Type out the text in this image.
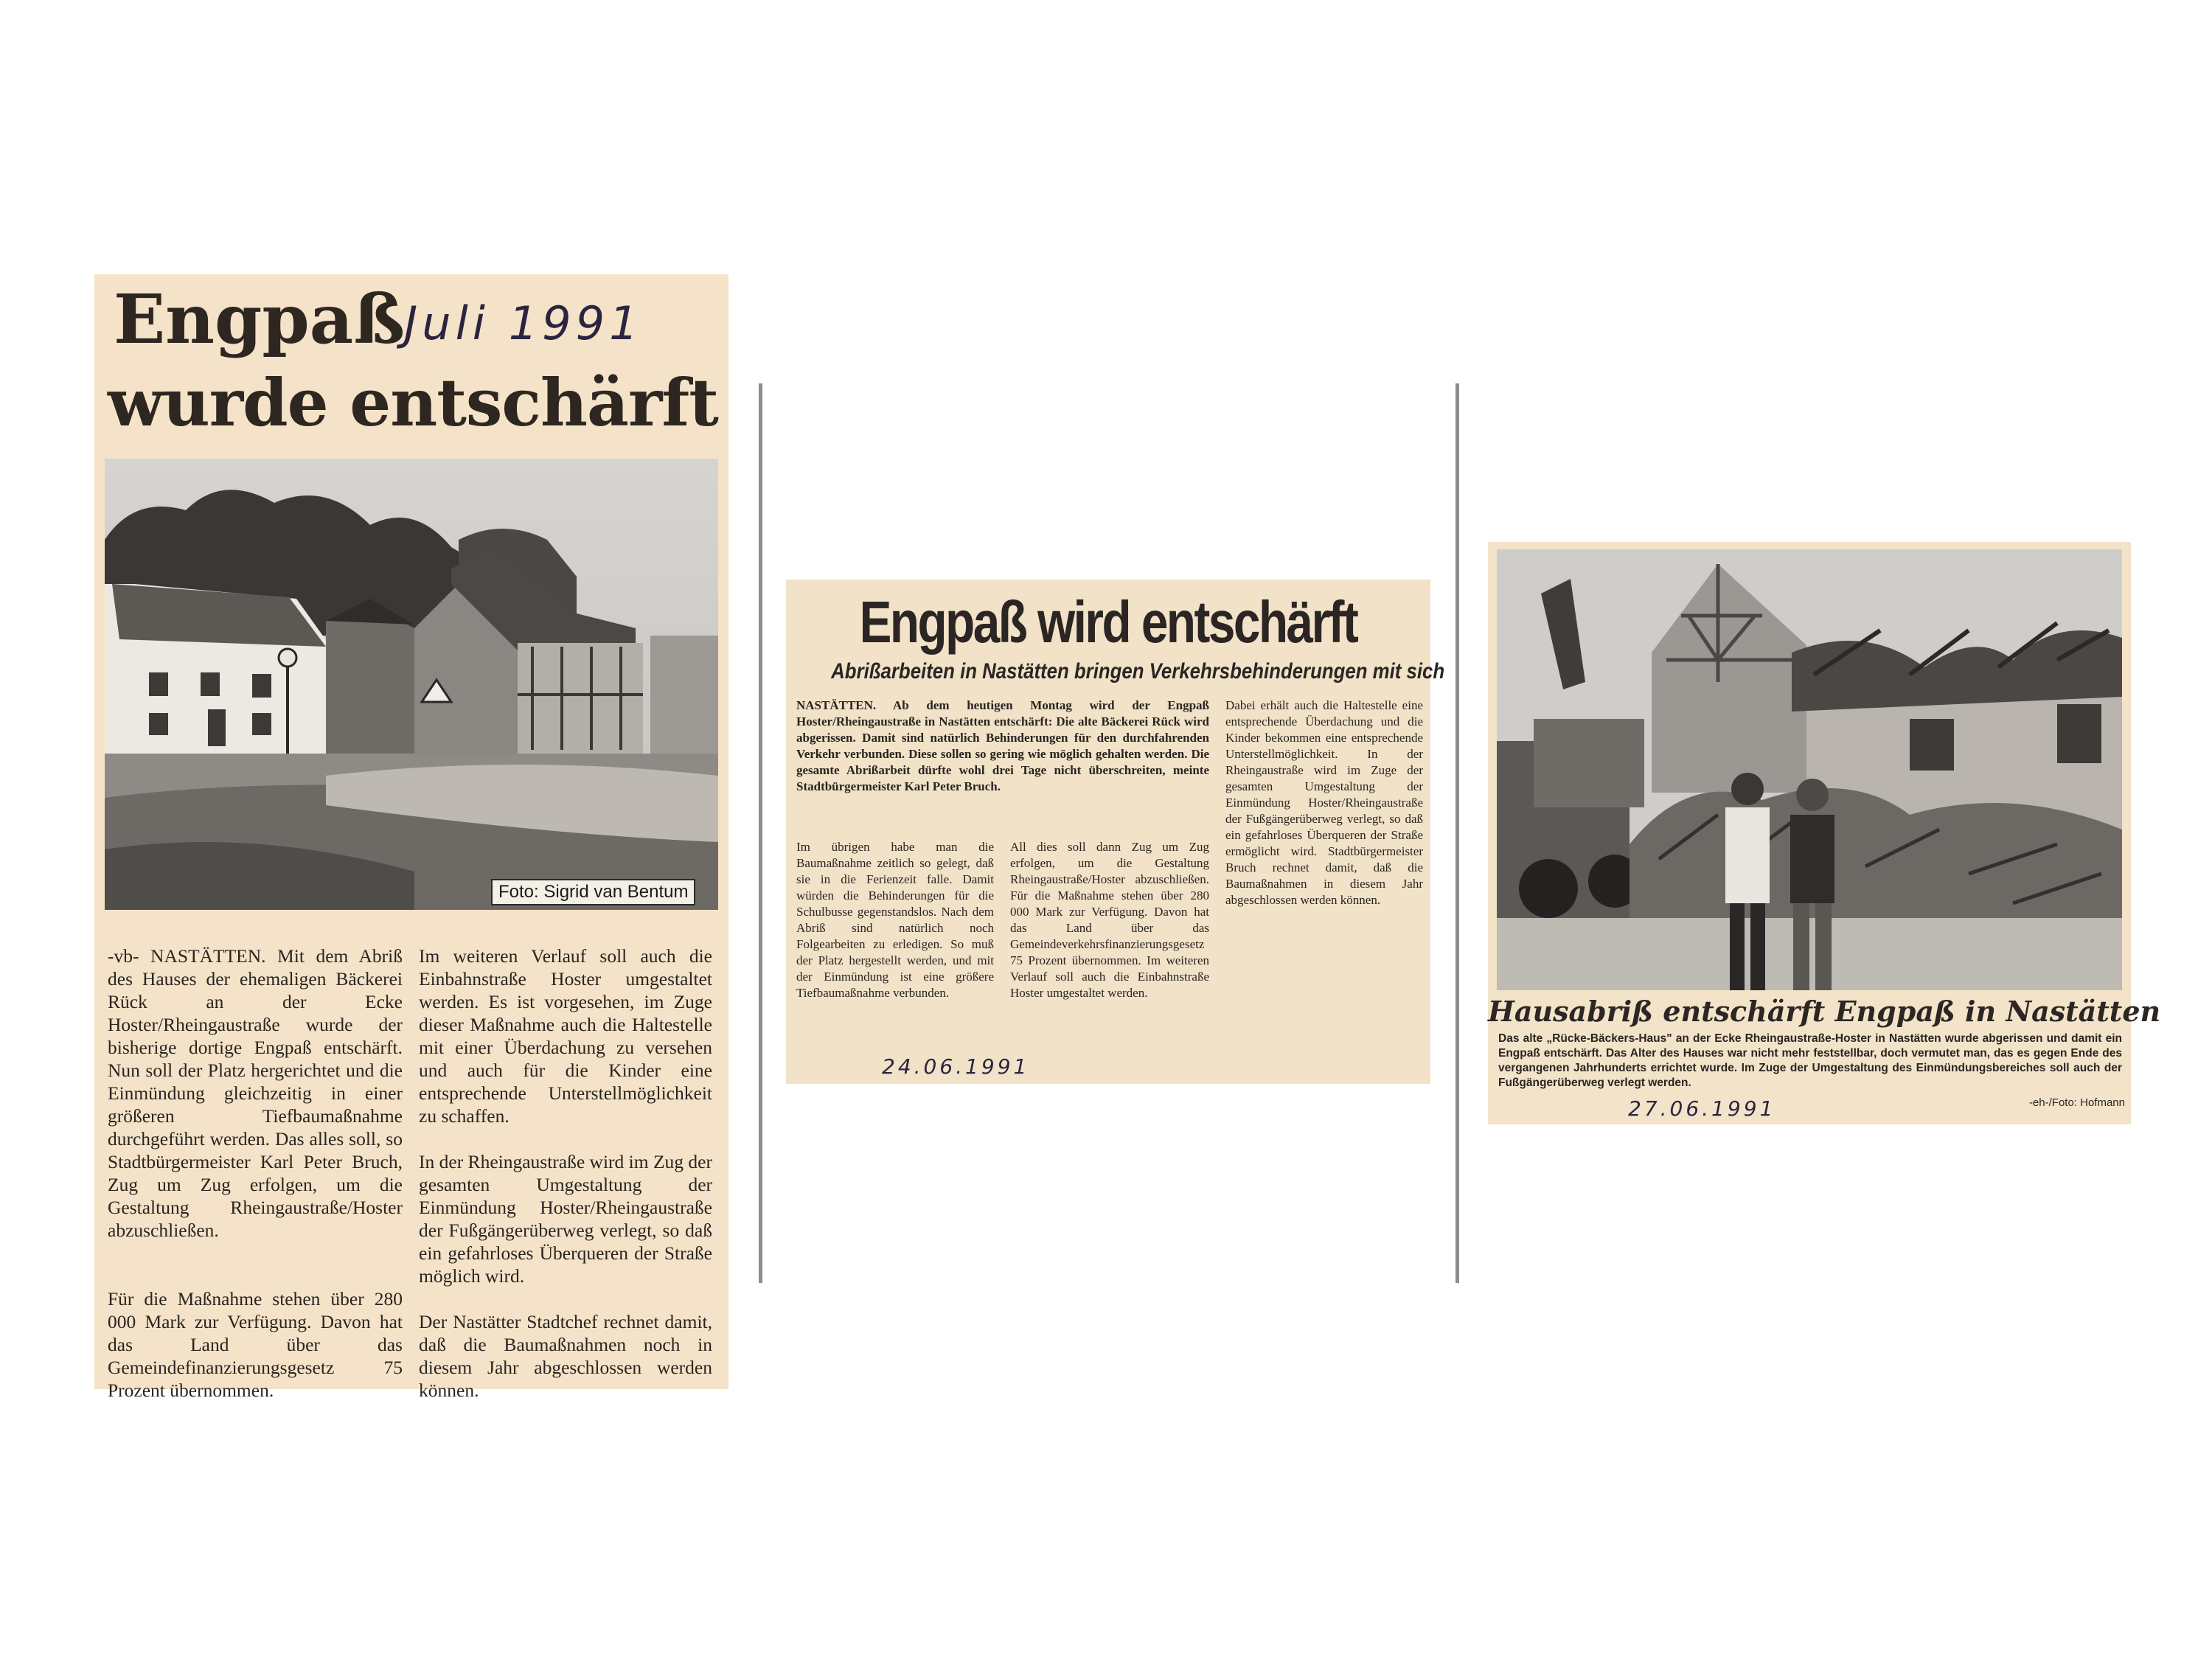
Engpaß
Juli 1991
wurde entschärft
Foto: Sigrid van Bentum

-vb- NASTÄTTEN. Mit dem Abriß des Hauses der ehemaligen Bäckerei Rück an der Ecke Hoster/Rheingaustraße wurde der bisherige dortige Engpaß entschärft. Nun soll der Platz hergerichtet und die Einmündung gleichzeitig in einer größeren Tiefbaumaßnahme durchgeführt werden. Das alles soll, so Stadtbürgermeister Karl Peter Bruch, Zug um Zug erfolgen, um die Gestaltung Rheingaustraße/Hoster abzuschließen.

Für die Maßnahme stehen über 280 000 Mark zur Verfügung. Davon hat das Land über das Gemeindefinanzierungsgesetz 75 Prozent übernommen.

Im weiteren Verlauf soll auch die Einbahnstraße Hoster umgestaltet werden. Es ist vorgesehen, im Zuge dieser Maßnahme auch die Haltestelle mit einer Überdachung zu versehen und auch für die Kinder eine entsprechende Unterstellmöglichkeit zu schaffen.

In der Rheingaustraße wird im Zug der gesamten Umgestaltung der Einmündung Hoster/Rheingaustraße der Fußgängerüberweg verlegt, so daß ein gefahrloses Überqueren der Straße möglich wird.

Der Nastätter Stadtchef rechnet damit, daß die Baumaßnahmen noch in diesem Jahr abgeschlossen werden können.

Engpaß wird entschärft
Abrißarbeiten in Nastätten bringen Verkehrsbehinderungen mit sich
NASTÄTTEN. Ab dem heutigen Montag wird der Engpaß Hoster/Rheingaustraße in Nastätten entschärft: Die alte Bäckerei Rück wird abgerissen. Damit sind natürlich Behinderungen für den durchfahrenden Verkehr verbunden. Diese sollen so gering wie möglich gehalten werden. Die gesamte Abrißarbeit dürfte wohl drei Tage nicht überschreiten, meinte Stadtbürgermeister Karl Peter Bruch.
Im übrigen habe man die Baumaßnahme zeitlich so gelegt, daß sie in die Ferienzeit falle. Damit würden die Behinderungen für die Schulbusse gegenstandslos. Nach dem Abriß sind natürlich noch Folgearbeiten zu erledigen. So muß der Platz hergestellt werden, und mit der Einmündung ist eine größere Tiefbaumaßnahme verbunden.
All dies soll dann Zug um Zug erfolgen, um die Gestaltung Rheingaustraße/Hoster abzuschließen. Für die Maßnahme stehen über 280 000 Mark zur Verfügung. Davon hat das Land über das Gemeindeverkehrsfinanzierungsgesetz 75 Prozent übernommen. Im weiteren Verlauf soll auch die Einbahnstraße Hoster umgestaltet werden.
Dabei erhält auch die Haltestelle eine entsprechende Überdachung und die Kinder bekommen eine entsprechende Unterstellmöglichkeit. In der Rheingaustraße wird im Zuge der gesamten Umgestaltung der Einmündung Hoster/Rheingaustraße der Fußgängerüberweg verlegt, so daß ein gefahrloses Überqueren der Straße ermöglicht wird. Stadtbürgermeister Bruch rechnet damit, daß die Baumaßnahmen in diesem Jahr abgeschlossen werden können.
24.06.1991
Hausabriß entschärft Engpaß in Nastätten
Das alte „Rücke-Bäckers-Haus" an der Ecke Rheingaustraße-Hoster in Nastätten wurde abgerissen und damit ein Engpaß entschärft. Das Alter des Hauses war nicht mehr feststellbar, doch vermutet man, das es gegen Ende des vergangenen Jahrhunderts errichtet wurde. Im Zuge der Umgestaltung des Einmündungsbereiches soll auch der Fußgängerüberweg verlegt werden.
27.06.1991	-eh-/Foto: Hofmann
